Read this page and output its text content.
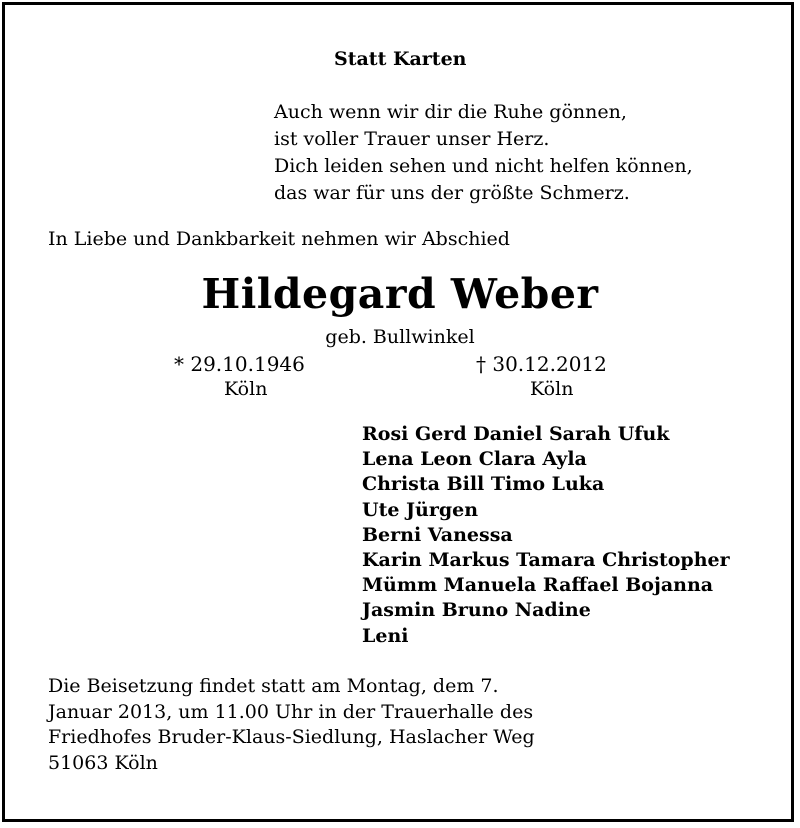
Statt Karten
Auch wenn wir dir die Ruhe gönnen,
ist voller Trauer unser Herz.
Dich leiden sehen und nicht helfen können,
das war für uns der größte Schmerz.
In Liebe und Dankbarkeit nehmen wir Abschied
Hildegard Weber
geb. Bullwinkel
* 29.10.1946
Köln
† 30.12.2012
Köln
Rosi Gerd Daniel Sarah Ufuk
Lena Leon Clara Ayla
Christa Bill Timo Luka
Ute Jürgen
Berni Vanessa
Karin Markus Tamara Christopher
Mümm Manuela Raffael Bojanna
Jasmin Bruno Nadine
Leni
Die Beisetzung findet statt am Montag, dem 7.
Januar 2013, um 11.00 Uhr in der Trauerhalle des
Friedhofes Bruder-Klaus-Siedlung, Haslacher Weg
51063 Köln
